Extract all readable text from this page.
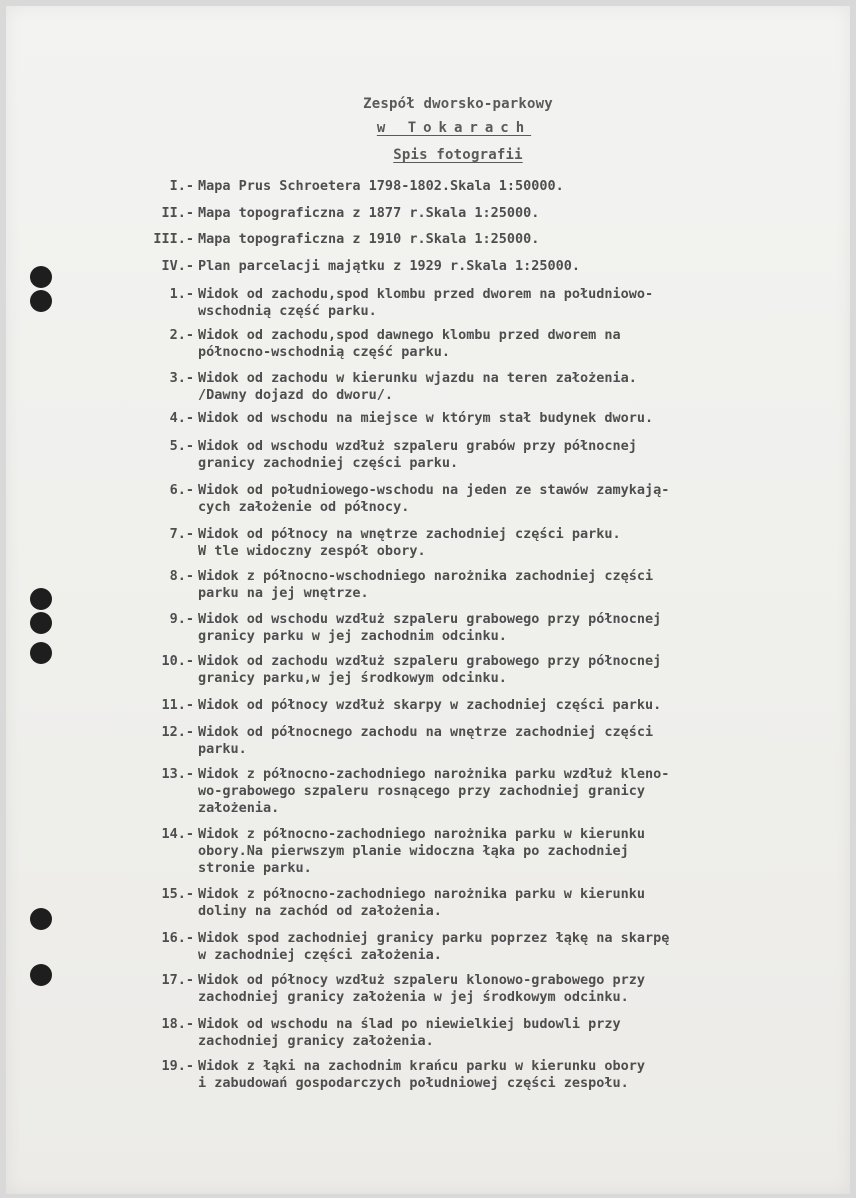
Zespół dworsko-parkowy
w Tokarach
Spis fotografii
I.- Mapa Prus Schroetera 1798-1802.Skala 1:50000.
II.- Mapa topograficzna z 1877 r.Skala 1:25000.
III.- Mapa topograficzna z 1910 r.Skala 1:25000.
IV.- Plan parcelacji majątku z 1929 r.Skala 1:25000.
1.- Widok od zachodu,spod klombu przed dworem na południowo-
wschodnią część parku.
2.- Widok od zachodu,spod dawnego klombu przed dworem na
północno-wschodnią część parku.
3.- Widok od zachodu w kierunku wjazdu na teren założenia.
/Dawny dojazd do dworu/.
4.- Widok od wschodu na miejsce w którym stał budynek dworu.
5.- Widok od wschodu wzdłuż szpaleru grabów przy północnej
granicy zachodniej części parku.
6.- Widok od południowego-wschodu na jeden ze stawów zamykają-
cych założenie od północy.
7.- Widok od północy na wnętrze zachodniej części parku.
W tle widoczny zespół obory.
8.- Widok z północno-wschodniego narożnika zachodniej części
parku na jej wnętrze.
9.- Widok od wschodu wzdłuż szpaleru grabowego przy północnej
granicy parku w jej zachodnim odcinku.
10.- Widok od zachodu wzdłuż szpaleru grabowego przy północnej
granicy parku,w jej środkowym odcinku.
11.- Widok od północy wzdłuż skarpy w zachodniej części parku.
12.- Widok od północnego zachodu na wnętrze zachodniej części
parku.
13.- Widok z północno-zachodniego narożnika parku wzdłuż kleno-
wo-grabowego szpaleru rosnącego przy zachodniej granicy
założenia.
14.- Widok z północno-zachodniego narożnika parku w kierunku
obory.Na pierwszym planie widoczna łąka po zachodniej
stronie parku.
15.- Widok z północno-zachodniego narożnika parku w kierunku
doliny na zachód od założenia.
16.- Widok spod zachodniej granicy parku poprzez łąkę na skarpę
w zachodniej części założenia.
17.- Widok od północy wzdłuż szpaleru klonowo-grabowego przy
zachodniej granicy założenia w jej środkowym odcinku.
18.- Widok od wschodu na ślad po niewielkiej budowli przy
zachodniej granicy założenia.
19.- Widok z łąki na zachodnim krańcu parku w kierunku obory
i zabudowań gospodarczych południowej części zespołu.
